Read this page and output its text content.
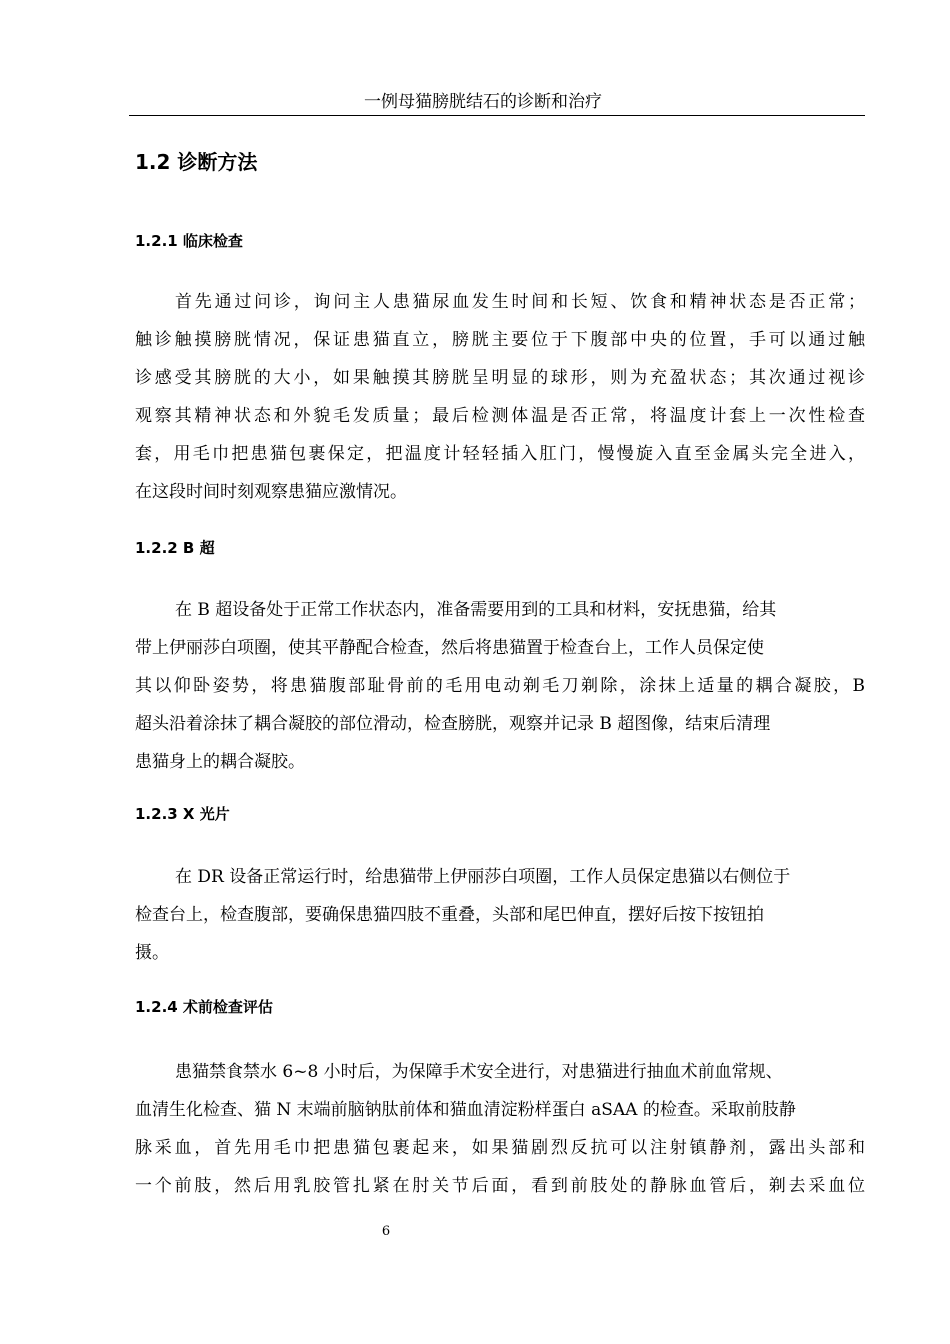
一例母猫膀胱结石的诊断和治疗
1.2 诊断方法
1.2.1 临床检查
首先通过问诊，询问主人患猫尿血发生时间和长短、饮食和精神状态是否正常；
触诊触摸膀胱情况，保证患猫直立，膀胱主要位于下腹部中央的位置，手可以通过触
诊感受其膀胱的大小，如果触摸其膀胱呈明显的球形，则为充盈状态；其次通过视诊
观察其精神状态和外貌毛发质量；最后检测体温是否正常，将温度计套上一次性检查
套，用毛巾把患猫包裹保定，把温度计轻轻插入肛门，慢慢旋入直至金属头完全进入，
在这段时间时刻观察患猫应激情况。
1.2.2 B 超
在 B 超设备处于正常工作状态内，准备需要用到的工具和材料，安抚患猫，给其
带上伊丽莎白项圈，使其平静配合检查，然后将患猫置于检查台上，工作人员保定使
其以仰卧姿势，将患猫腹部耻骨前的毛用电动剃毛刀剃除，涂抹上适量的耦合凝胶，B
超头沿着涂抹了耦合凝胶的部位滑动，检查膀胱，观察并记录 B 超图像，结束后清理
患猫身上的耦合凝胶。
1.2.3 X 光片
在 DR 设备正常运行时，给患猫带上伊丽莎白项圈，工作人员保定患猫以右侧位于
检查台上，检查腹部，要确保患猫四肢不重叠，头部和尾巴伸直，摆好后按下按钮拍
摄。
1.2.4 术前检查评估
患猫禁食禁水 6~8 小时后，为保障手术安全进行，对患猫进行抽血术前血常规、
血清生化检查、猫 N 末端前脑钠肽前体和猫血清淀粉样蛋白 aSAA 的检查。采取前肢静
脉采血，首先用毛巾把患猫包裹起来，如果猫剧烈反抗可以注射镇静剂，露出头部和
一个前肢，然后用乳胶管扎紧在肘关节后面，看到前肢处的静脉血管后，剃去采血位
6
